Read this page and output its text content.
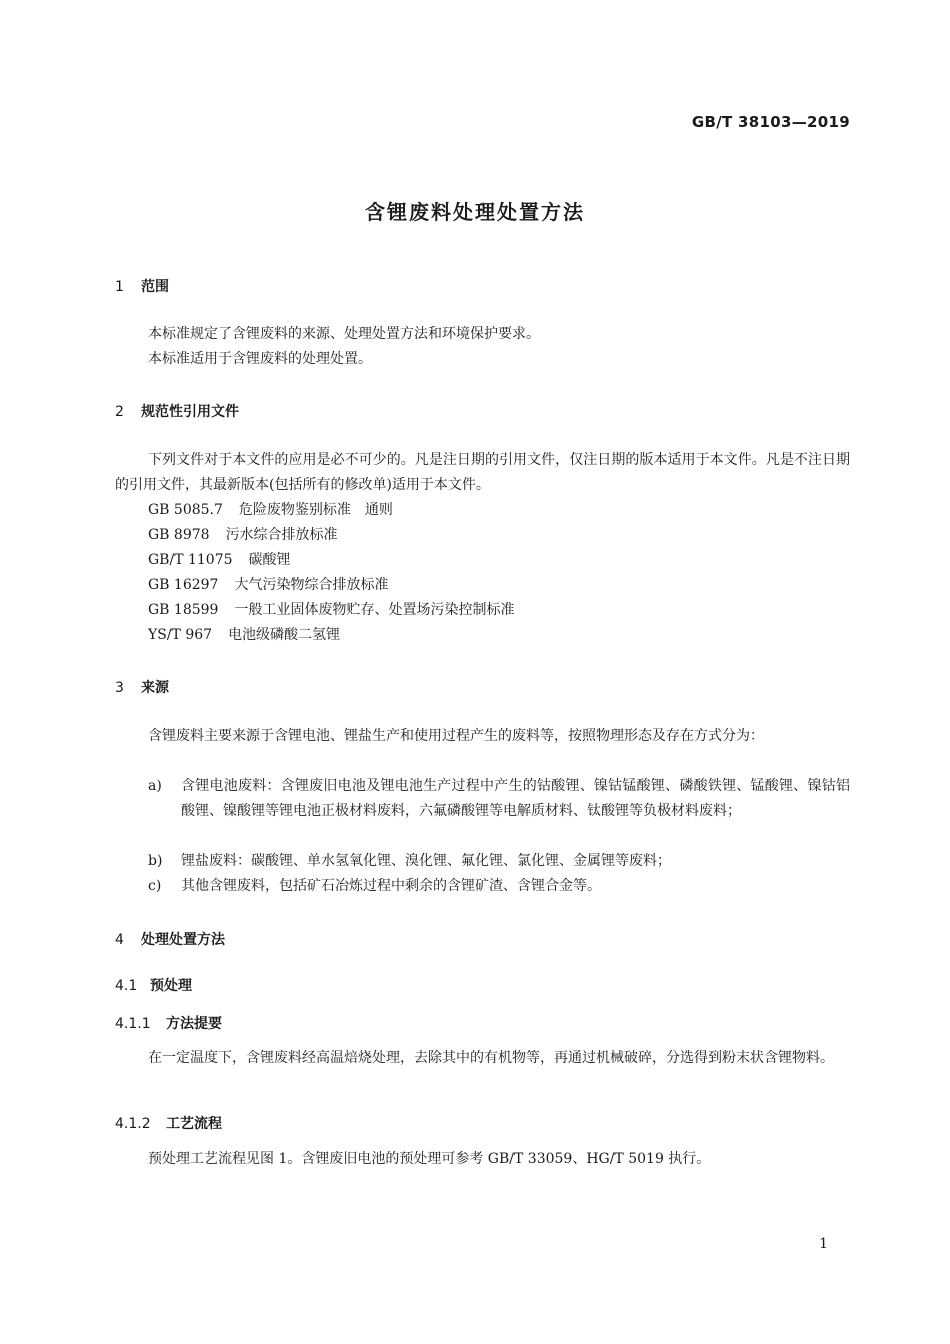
GB/T 38103—2019
含锂废料处理处置方法
1 范围

本标准规定了含锂废料的来源、处理处置方法和环境保护要求。

本标准适用于含锂废料的处理处置。

2 规范性引用文件

下列文件对于本文件的应用是必不可少的。凡是注日期的引用文件，仅注日期的版本适用于本文件。凡是不注日期的引用文件，其最新版本(包括所有的修改单)适用于本文件。

GB 5085.7 危险废物鉴别标准　通则
GB 8978 污水综合排放标准
GB/T 11075 碳酸锂
GB 16297 大气污染物综合排放标准
GB 18599 一般工业固体废物贮存、处置场污染控制标准
YS/T 967 电池级磷酸二氢锂
3 来源

含锂废料主要来源于含锂电池、锂盐生产和使用过程产生的废料等，按照物理形态及存在方式分为：

a)	含锂电池废料：含锂废旧电池及锂电池生产过程中产生的钴酸锂、镍钴锰酸锂、磷酸铁锂、锰酸锂、镍钴铝酸锂、镍酸锂等锂电池正极材料废料，六氟磷酸锂等电解质材料、钛酸锂等负极材料废料；
b)	锂盐废料：碳酸锂、单水氢氧化锂、溴化锂、氟化锂、氯化锂、金属锂等废料；
c)	其他含锂废料，包括矿石冶炼过程中剩余的含锂矿渣、含锂合金等。
4 处理处置方法
4.1 预处理
4.1.1 方法提要

在一定温度下，含锂废料经高温焙烧处理，去除其中的有机物等，再通过机械破碎，分选得到粉末状含锂物料。

4.1.2 工艺流程

预处理工艺流程见图 1。含锂废旧电池的预处理可参考 GB/T 33059、HG/T 5019 执行。

1
